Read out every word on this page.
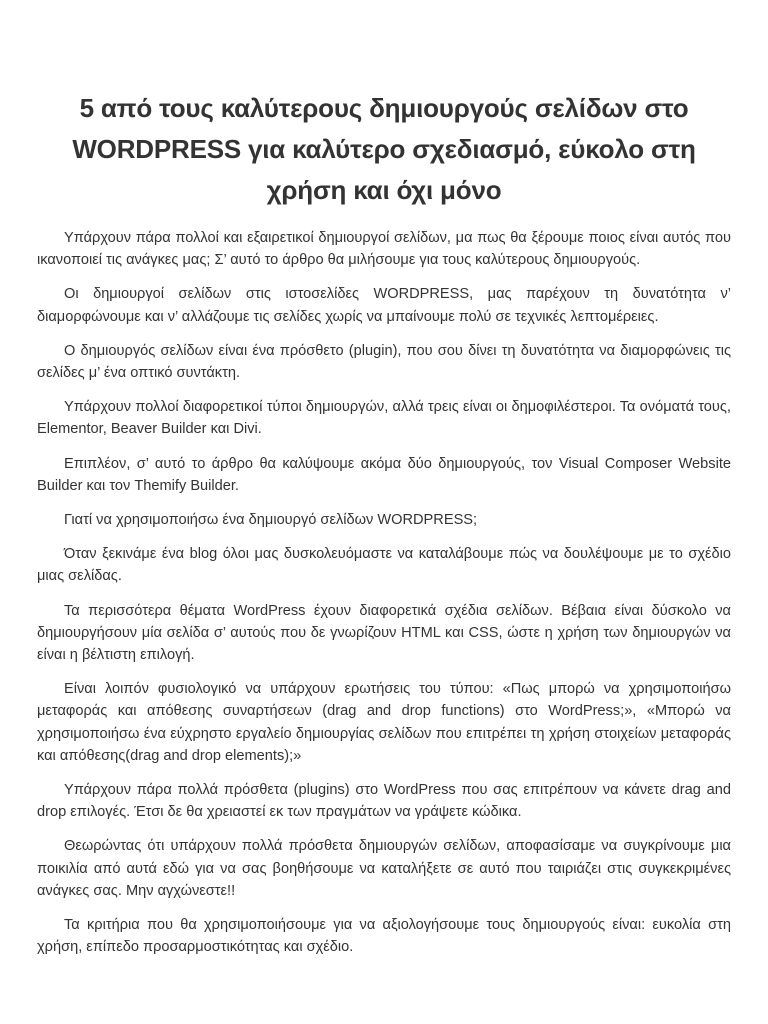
5 από τους καλύτερους δημιουργούς σελίδων στο WORDPRESS για καλύτερο σχεδιασμό, εύκολο στη χρήση και όχι μόνο

Υπάρχουν πάρα πολλοί και εξαιρετικοί δημιουργοί σελίδων, μα πως θα ξέρουμε ποιος είναι αυτός που ικανοποιεί τις ανάγκες μας; Σ’ αυτό το άρθρο θα μιλήσουμε για τους καλύτερους δημιουργούς.

Οι δημιουργοί σελίδων στις ιστοσελίδες WORDPRESS, μας παρέχουν τη δυνατότητα ν’ διαμορφώνουμε και ν’ αλλάζουμε τις σελίδες χωρίς να μπαίνουμε πολύ σε τεχνικές λεπτομέρειες.

Ο δημιουργός σελίδων είναι ένα πρόσθετο (plugin), που σου δίνει τη δυνατότητα να διαμορφώνεις τις σελίδες μ’ ένα οπτικό συντάκτη.

Υπάρχουν πολλοί διαφορετικοί τύποι δημιουργών, αλλά τρεις είναι οι δημοφιλέστεροι. Τα ονόματά τους, Elementor, Beaver Builder και Divi.

Επιπλέον, σ’ αυτό το άρθρο θα καλύψουμε ακόμα δύο δημιουργούς, τον Visual Composer Website Builder και τον Themify Builder.

Γιατί να χρησιμοποιήσω ένα δημιουργό σελίδων WORDPRESS;

Όταν ξεκινάμε ένα blog όλοι μας δυσκολευόμαστε να καταλάβουμε πώς να δουλέψουμε με το σχέδιο μιας σελίδας.

Τα περισσότερα θέματα WordPress έχουν διαφορετικά σχέδια σελίδων. Βέβαια είναι δύσκολο να δημιουργήσουν μία σελίδα σ’ αυτούς που δε γνωρίζουν HTML και CSS, ώστε η χρήση των δημιουργών να είναι η βέλτιστη επιλογή.

Είναι λοιπόν φυσιολογικό να υπάρχουν ερωτήσεις του τύπου: «Πως μπορώ να χρησιμοποιήσω μεταφοράς και απόθεσης συναρτήσεων (drag and drop functions) στο WordPress;», «Μπορώ να χρησιμοποιήσω ένα εύχρηστο εργαλείο δημιουργίας σελίδων που επιτρέπει τη χρήση στοιχείων μεταφοράς και απόθεσης(drag and drop elements);»

Υπάρχουν πάρα πολλά πρόσθετα (plugins) στο WordPress που σας επιτρέπουν να κάνετε drag and drop επιλογές. Έτσι δε θα χρειαστεί εκ των πραγμάτων να γράψετε κώδικα.

Θεωρώντας ότι υπάρχουν πολλά πρόσθετα δημιουργών σελίδων, αποφασίσαμε να συγκρίνουμε μια ποικιλία από αυτά εδώ για να σας βοηθήσουμε να καταλήξετε σε αυτό που ταιριάζει στις συγκεκριμένες ανάγκες σας. Μην αγχώνεστε!!

Τα κριτήρια που θα χρησιμοποιήσουμε για να αξιολογήσουμε τους δημιουργούς είναι: ευκολία στη χρήση, επίπεδο προσαρμοστικότητας και σχέδιο.
